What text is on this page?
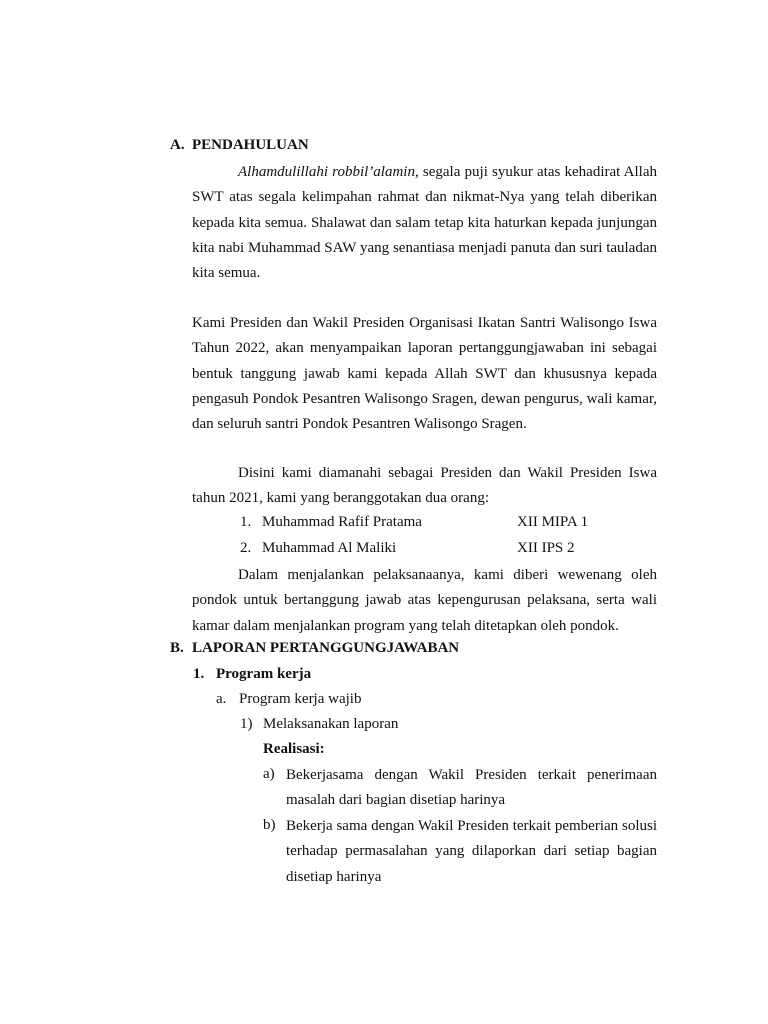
A. PENDAHULUAN
Alhamdulillahi robbil’alamin, segala puji syukur atas kehadirat Allah SWT atas segala kelimpahan rahmat dan nikmat-Nya yang telah diberikan kepada kita semua. Shalawat dan salam tetap kita haturkan kepada junjungan kita nabi Muhammad SAW yang senantiasa menjadi panuta dan suri tauladan kita semua.
Kami Presiden dan Wakil Presiden Organisasi Ikatan Santri Walisongo Iswa Tahun 2022, akan menyampaikan laporan pertanggungjawaban ini sebagai bentuk tanggung jawab kami kepada Allah SWT dan khususnya kepada pengasuh Pondok Pesantren Walisongo Sragen, dewan pengurus, wali kamar, dan seluruh santri Pondok Pesantren Walisongo Sragen.
Disini kami diamanahi sebagai Presiden dan Wakil Presiden Iswa tahun 2021, kami yang beranggotakan dua orang:
1. Muhammad Rafif Pratama	XII MIPA 1
2. Muhammad Al Maliki	XII IPS 2
Dalam menjalankan pelaksanaanya, kami diberi wewenang oleh pondok untuk bertanggung jawab atas kepengurusan pelaksana, serta wali kamar dalam menjalankan program yang telah ditetapkan oleh pondok.
B. LAPORAN PERTANGGUNGJAWABAN
1. Program kerja
a. Program kerja wajib
1) Melaksanakan laporan
Realisasi:
a) Bekerjasama dengan Wakil Presiden terkait penerimaan masalah dari bagian disetiap harinya
b) Bekerja sama dengan Wakil Presiden terkait pemberian solusi terhadap permasalahan yang dilaporkan dari setiap bagian disetiap harinya
